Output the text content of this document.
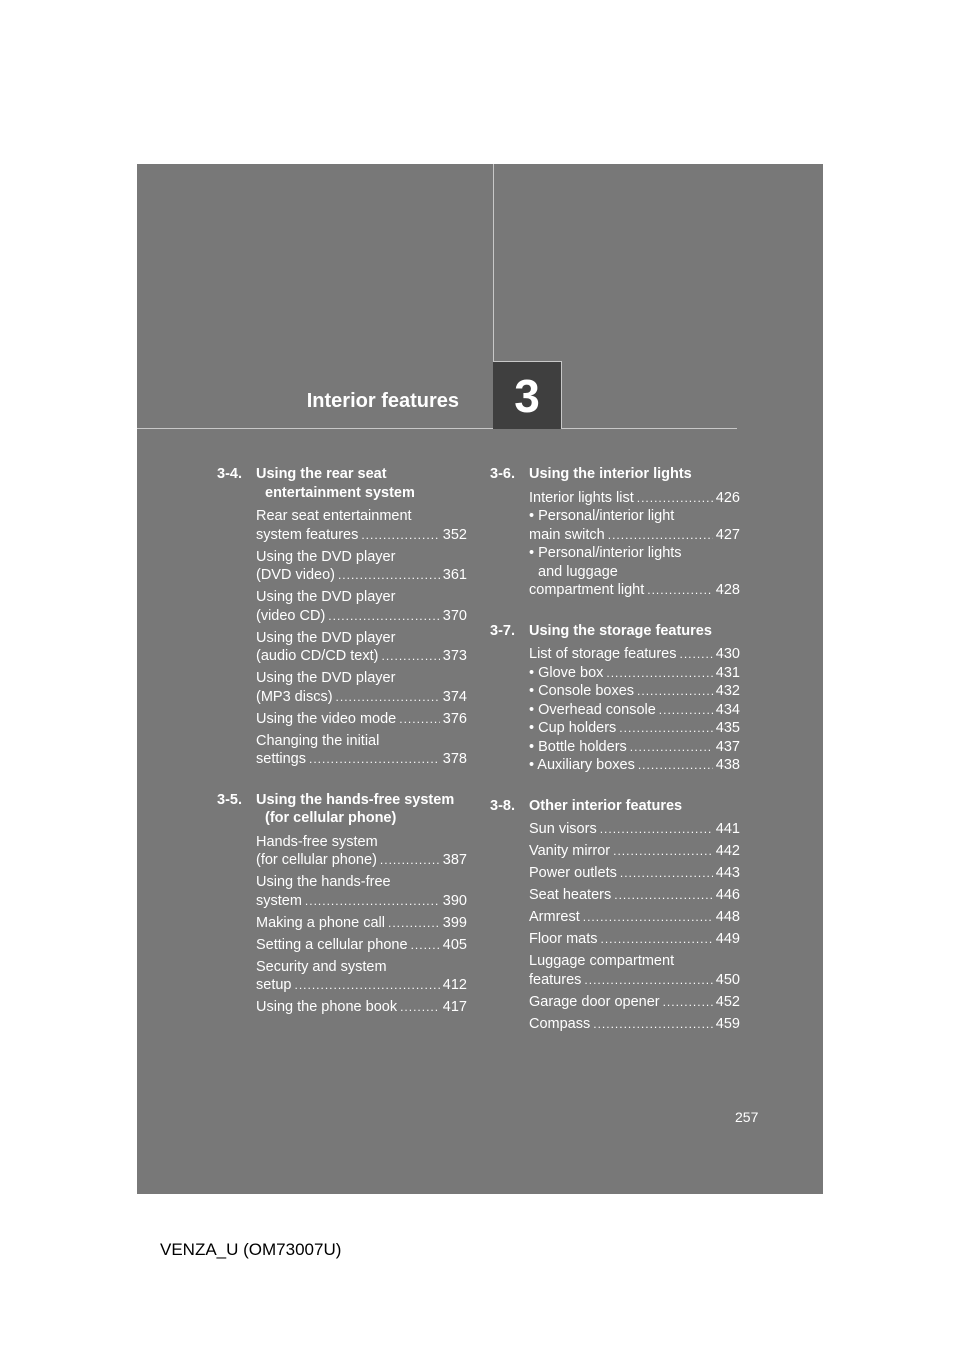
Interior features 3
3-4. Using the rear seat
entertainment system
Rear seat entertainment
system features .....	352
Using the DVD player
(DVD video) .....	361
Using the DVD player
(video CD) .....	370
Using the DVD player
(audio CD/CD text) .....	373
Using the DVD player
(MP3 discs) .....	374
Using the video mode .....	376
Changing the initial
settings .....	378
3-5. Using the hands-free system
(for cellular phone)
Hands-free system
(for cellular phone) .....	387
Using the hands-free
system .....	390
Making a phone call .....	399
Setting a cellular phone ..... 405
Security and system
setup .....	412
Using the phone book .....	417
3-6. Using the interior lights
Interior lights list .....	426
• Personal/interior light
main switch .....	427
• Personal/interior lights
and luggage
compartment light .....	428
3-7. Using the storage features
List of storage features .....	430
• Glove box .....	431
• Console boxes .....	432
• Overhead console .....	434
• Cup holders .....	435
• Bottle holders .....	437
• Auxiliary boxes .....	438
3-8. Other interior features
Sun visors .....	441
Vanity mirror .....	442
Power outlets .....	443
Seat heaters .....	446
Armrest .....	448
Floor mats .....	449
Luggage compartment
features .....	450
Garage door opener .....	452
Compass .....	459
257
VENZA_U (OM73007U)
